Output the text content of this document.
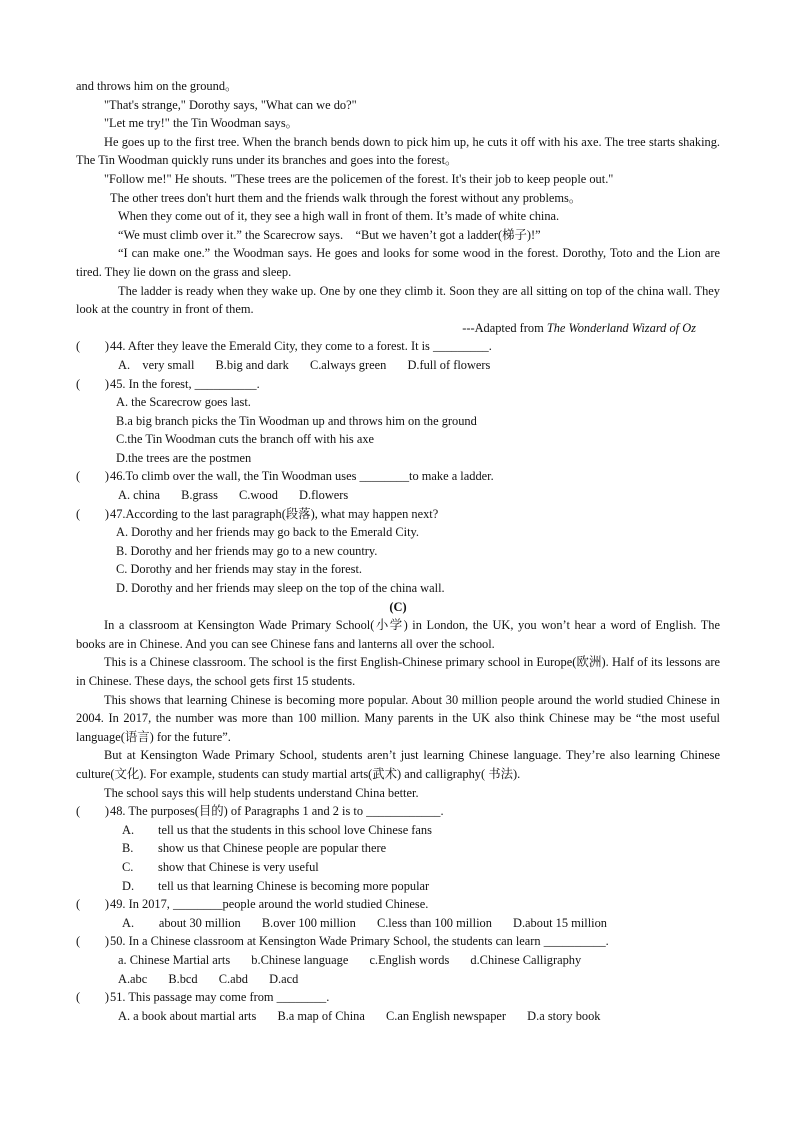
and throws him on the ground。

"That's strange," Dorothy says, "What can we do?"

"Let me try!" the Tin Woodman says。

He goes up to the first tree. When the branch bends down to pick him up, he cuts it off with his axe. The tree starts shaking. The Tin Woodman quickly runs under its branches and goes into the forest。

"Follow me!" He shouts. "These trees are the policemen of the forest. It's their job to keep people out."

The other trees don't hurt them and the friends walk through the forest without any problems。

When they come out of it, they see a high wall in front of them. It’s made of white china.

“We must climb over it.” the Scarecrow says.　“But we haven’t got a ladder(梯子)!”

“I can make one.” the Woodman says. He goes and looks for some wood in the forest. Dorothy, Toto and the Lion are tired. They lie down on the grass and sleep.

The ladder is ready when they wake up. One by one they climb it. Soon they are all sitting on top of the china wall. They look at the country in front of them.

---Adapted from The Wonderland Wizard of Oz

(　　)44. After they leave the Emerald City, they come to a forest. It is _________.

A.　very small B.big and dark C.always green D.full of flowers

(　　)45. In the forest, __________.

A. the Scarecrow goes last.

B.a big branch picks the Tin Woodman up and throws him on the ground

C.the Tin Woodman cuts the branch off with his axe

D.the trees are the postmen

(　　)46.To climb over the wall, the Tin Woodman uses ________to make a ladder.

A. china B.grass C.wood D.flowers

(　　)47.According to the last paragraph(段落), what may happen next?

A. Dorothy and her friends may go back to the Emerald City.

B. Dorothy and her friends may go to a new country.

C. Dorothy and her friends may stay in the forest.

D. Dorothy and her friends may sleep on the top of the china wall.

(C)

In a classroom at Kensington Wade Primary School(小学) in London, the UK, you won’t hear a word of English. The books are in Chinese. And you can see Chinese fans and lanterns all over the school.

This is a Chinese classroom. The school is the first English-Chinese primary school in Europe(欧洲). Half of its lessons are in Chinese. These days, the school gets first 15 students.

This shows that learning Chinese is becoming more popular. About 30 million people around the world studied Chinese in 2004. In 2017, the number was more than 100 million. Many parents in the UK also think Chinese may be “the most useful language(语言) for the future”.

But at Kensington Wade Primary School, students aren’t just learning Chinese language. They’re also learning Chinese culture(文化). For example, students can study martial arts(武术) and calligraphy( 书法).

The school says this will help students understand China better.

(　　)48. The purposes(目的) of Paragraphs 1 and 2 is to ____________.

A. tell us that the students in this school love Chinese fans

B. show us that Chinese people are popular there

C. show that Chinese is very useful

D. tell us that learning Chinese is becoming more popular

(　　)49. In 2017, ________people around the world studied Chinese.

A.　　about 30 million B.over 100 million C.less than 100 million D.about 15 million

(　　)50. In a Chinese classroom at Kensington Wade Primary School, the students can learn __________.

a. Chinese Martial arts b.Chinese language c.English words d.Chinese Calligraphy

A.abc B.bcd C.abd D.acd

(　　)51. This passage may come from ________.

A. a book about martial arts B.a map of China C.an English newspaper D.a story book
